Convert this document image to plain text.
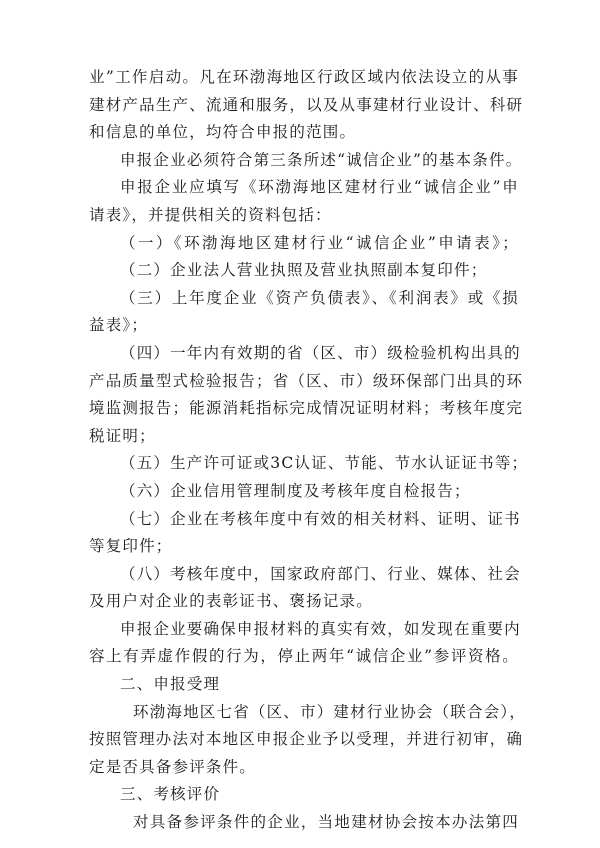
业”工作启动。凡在环渤海地区行政区域内依法设立的从事
建材产品生产、流通和服务，以及从事建材行业设计、科研
和信息的单位，均符合申报的范围。
申报企业必须符合第三条所述“诚信企业”的基本条件。
申报企业应填写《环渤海地区建材行业“诚信企业”申
请表》，并提供相关的资料包括：
（一）《环渤海地区建材行业“诚信企业”申请表》；
（二）企业法人营业执照及营业执照副本复印件；
（三）上年度企业《资产负债表》、《利润表》或《损
益表》；
（四）一年内有效期的省（区、市）级检验机构出具的
产品质量型式检验报告；省（区、市）级环保部门出具的环
境监测报告；能源消耗指标完成情况证明材料；考核年度完
税证明；
（五）生产许可证或3C认证、节能、节水认证证书等；
（六）企业信用管理制度及考核年度自检报告；
（七）企业在考核年度中有效的相关材料、证明、证书
等复印件；
（八）考核年度中，国家政府部门、行业、媒体、社会
及用户对企业的表彰证书、褒扬记录。
申报企业要确保申报材料的真实有效，如发现在重要内
容上有弄虚作假的行为，停止两年“诚信企业”参评资格。
二、申报受理
环渤海地区七省（区、市）建材行业协会（联合会），
按照管理办法对本地区申报企业予以受理，并进行初审，确
定是否具备参评条件。
三、考核评价
对具备参评条件的企业，当地建材协会按本办法第四
